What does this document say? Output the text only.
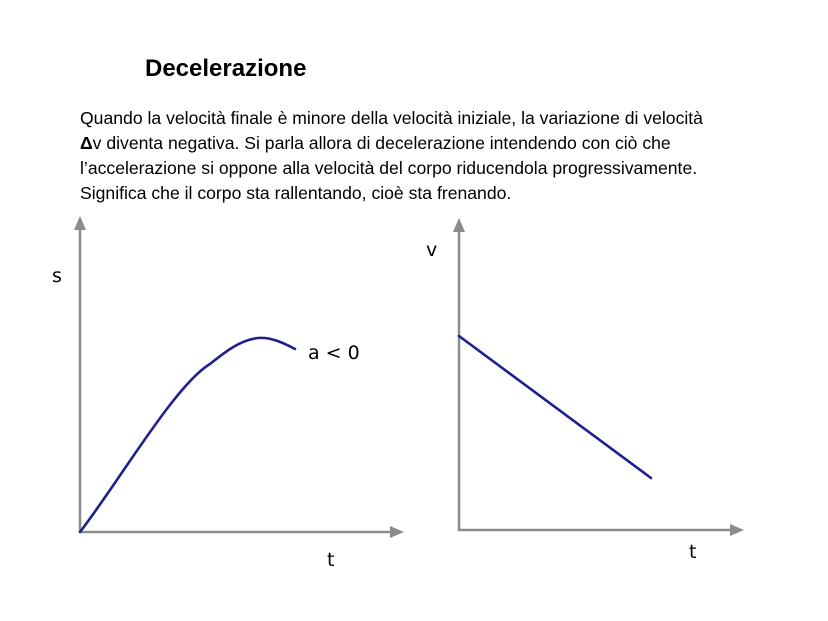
Decelerazione
Quando la velocità finale è minore della velocità iniziale, la variazione di velocità
Δv diventa negativa. Si parla allora di decelerazione intendendo con ciò che
l’accelerazione si oppone alla velocità del corpo riducendola progressivamente.
Significa che il corpo sta rallentando, cioè sta frenando.
s
t
a < 0
v
t
